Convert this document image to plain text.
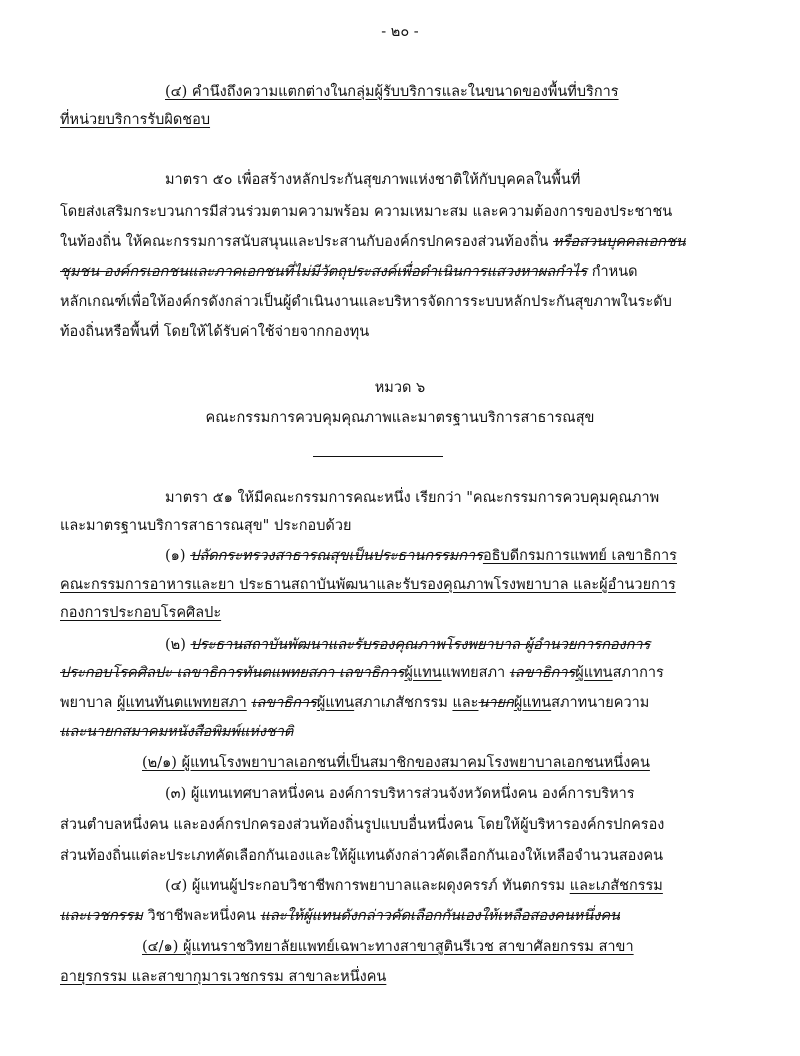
- ๒๐ -
(๔) คำนึงถึงความแตกต่างในกลุ่มผู้รับบริการและในขนาดของพื้นที่บริการ
ที่หน่วยบริการรับผิดชอบ
มาตรา ๕๐ เพื่อสร้างหลักประกันสุขภาพแห่งชาติให้กับบุคคลในพื้นที่
โดยส่งเสริมกระบวนการมีส่วนร่วมตามความพร้อม ความเหมาะสม และความต้องการของประชาชน
ในท้องถิ่น ให้คณะกรรมการสนับสนุนและประสานกับองค์กรปกครองส่วนท้องถิ่น หรือสวนบุคคลเอกชน
ชุมชน องค์กรเอกชนและภาคเอกชนที่ไม่มีวัตถุประสงค์เพื่อดำเนินการแสวงหาผลกำไร กำหนด
หลักเกณฑ์เพื่อให้องค์กรดังกล่าวเป็นผู้ดำเนินงานและบริหารจัดการระบบหลักประกันสุขภาพในระดับ
ท้องถิ่นหรือพื้นที่ โดยให้ได้รับค่าใช้จ่ายจากกองทุน
หมวด ๖
คณะกรรมการควบคุมคุณภาพและมาตรฐานบริการสาธารณสุข
มาตรา ๕๑ ให้มีคณะกรรมการคณะหนึ่ง เรียกว่า "คณะกรรมการควบคุมคุณภาพ
และมาตรฐานบริการสาธารณสุข" ประกอบด้วย
(๑) ปลัดกระทรวงสาธารณสุขเป็นประธานกรรมการอธิบดีกรมการแพทย์ เลขาธิการ
คณะกรรมการอาหารและยา ประธานสถาบันพัฒนาและรับรองคุณภาพโรงพยาบาล และผู้อำนวยการ
กองการประกอบโรคศิลปะ
(๒) ประธานสถาบันพัฒนาและรับรองคุณภาพโรงพยาบาล ผู้อำนวยการกองการ
ประกอบโรคศิลปะ เลขาธิการทันตแพทยสภา เลขาธิการผู้แทนแพทยสภา เลขาธิการผู้แทนสภาการ
พยาบาล ผู้แทนทันตแพทยสภา เลขาธิการผู้แทนสภาเภสัชกรรม และนายกผู้แทนสภาทนายความ
และนายกสมาคมหนังสือพิมพ์แห่งชาติ
(๒/๑) ผู้แทนโรงพยาบาลเอกชนที่เป็นสมาชิกของสมาคมโรงพยาบาลเอกชนหนึ่งคน
(๓) ผู้แทนเทศบาลหนึ่งคน องค์การบริหารส่วนจังหวัดหนึ่งคน องค์การบริหาร
ส่วนตำบลหนึ่งคน และองค์กรปกครองส่วนท้องถิ่นรูปแบบอื่นหนึ่งคน โดยให้ผู้บริหารองค์กรปกครอง
ส่วนท้องถิ่นแต่ละประเภทคัดเลือกกันเองและให้ผู้แทนดังกล่าวคัดเลือกกันเองให้เหลือจำนวนสองคน
(๔) ผู้แทนผู้ประกอบวิชาชีพการพยาบาลและผดุงครรภ์ ทันตกรรม และเภสัชกรรม
และเวชกรรม วิชาชีพละหนึ่งคน และให้ผู้แทนดังกล่าวคัดเลือกกันเองให้เหลือสองคนหนึ่งคน
(๔/๑) ผู้แทนราชวิทยาลัยแพทย์เฉพาะทางสาขาสูติน​รีเวช สาขาศัลยกรรม สาขา
อายุรกรรม และสาขากุมารเวชกรรม สาขาละหนึ่งคน
